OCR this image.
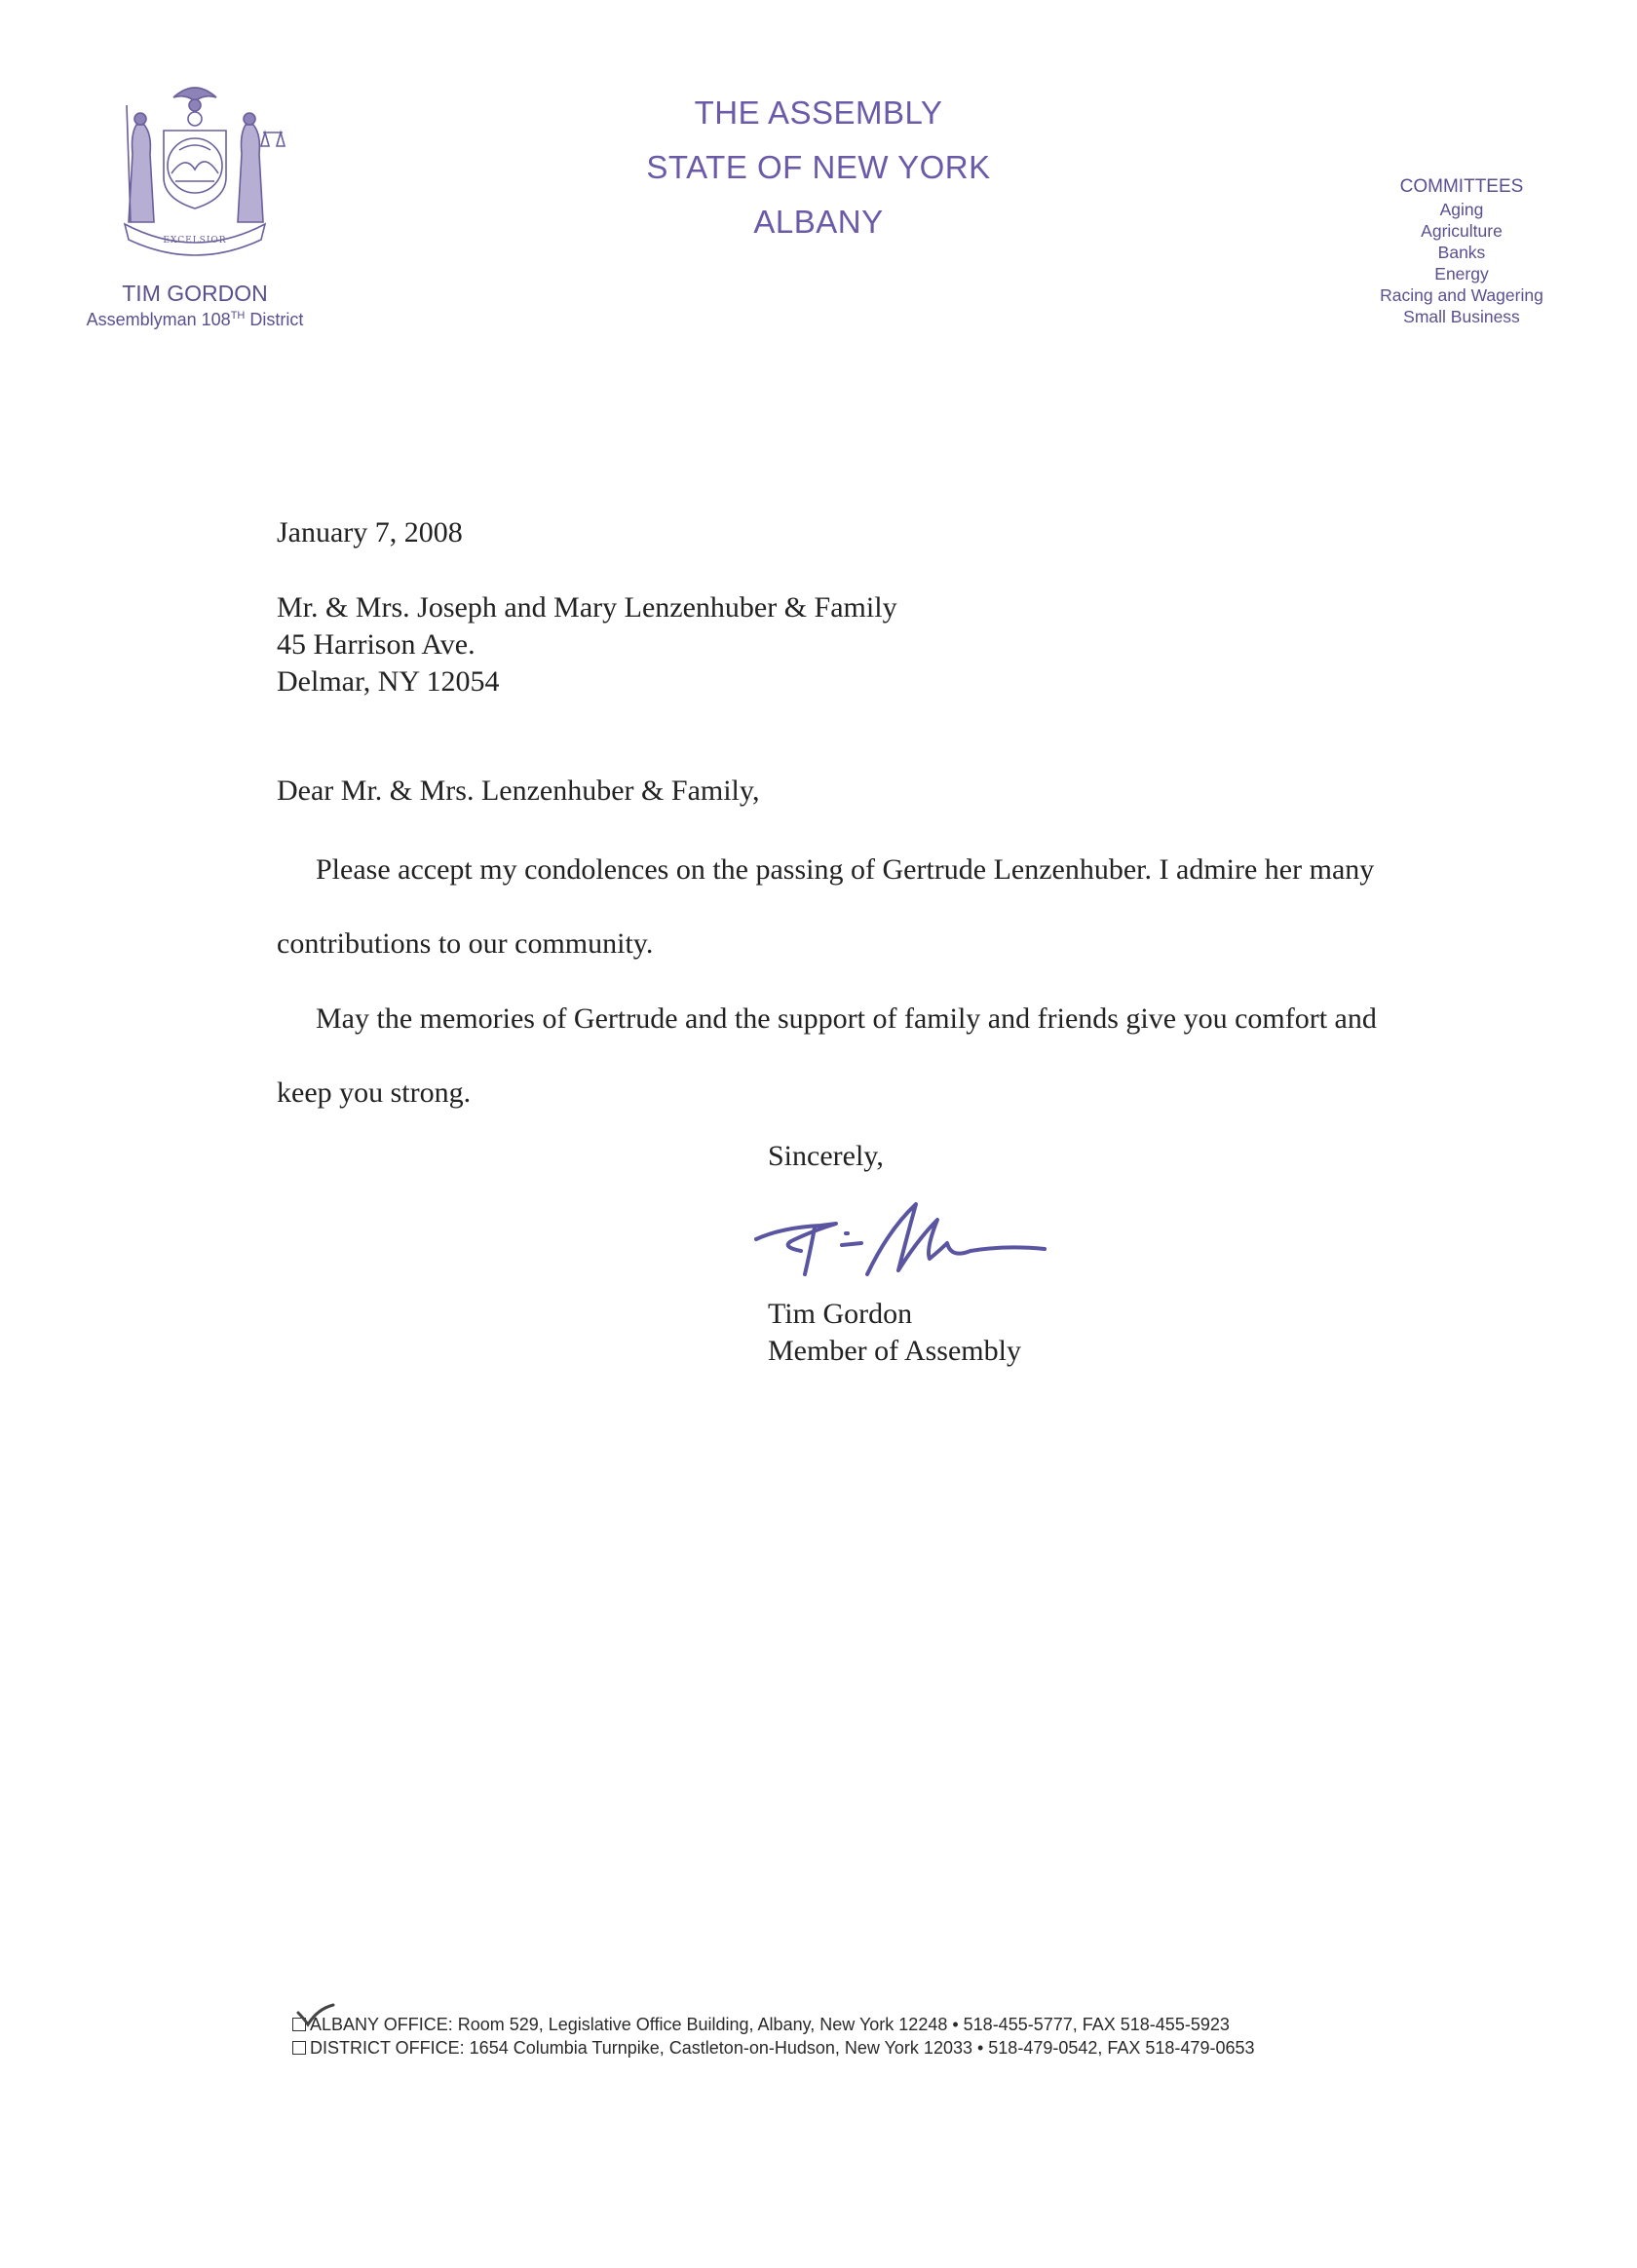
EXCELSIOR
TIM GORDON
Assemblyman 108TH District
THE ASSEMBLY
STATE OF NEW YORK
ALBANY
COMMITTEES
Aging
Agriculture
Banks
Energy
Racing and Wagering
Small Business
January 7, 2008
Mr. & Mrs. Joseph and Mary Lenzenhuber & Family
45 Harrison Ave.
Delmar, NY 12054
Dear Mr. & Mrs. Lenzenhuber & Family,
Please accept my condolences on the passing of Gertrude Lenzenhuber. I admire her many contributions to our community.
May the memories of Gertrude and the support of family and friends give you comfort and keep you strong.
Sincerely,
Tim Gordon
Member of Assembly
ALBANY OFFICE: Room 529, Legislative Office Building, Albany, New York 12248 • 518-455-5777, FAX 518-455-5923
DISTRICT OFFICE: 1654 Columbia Turnpike, Castleton-on-Hudson, New York 12033 • 518-479-0542, FAX 518-479-0653
